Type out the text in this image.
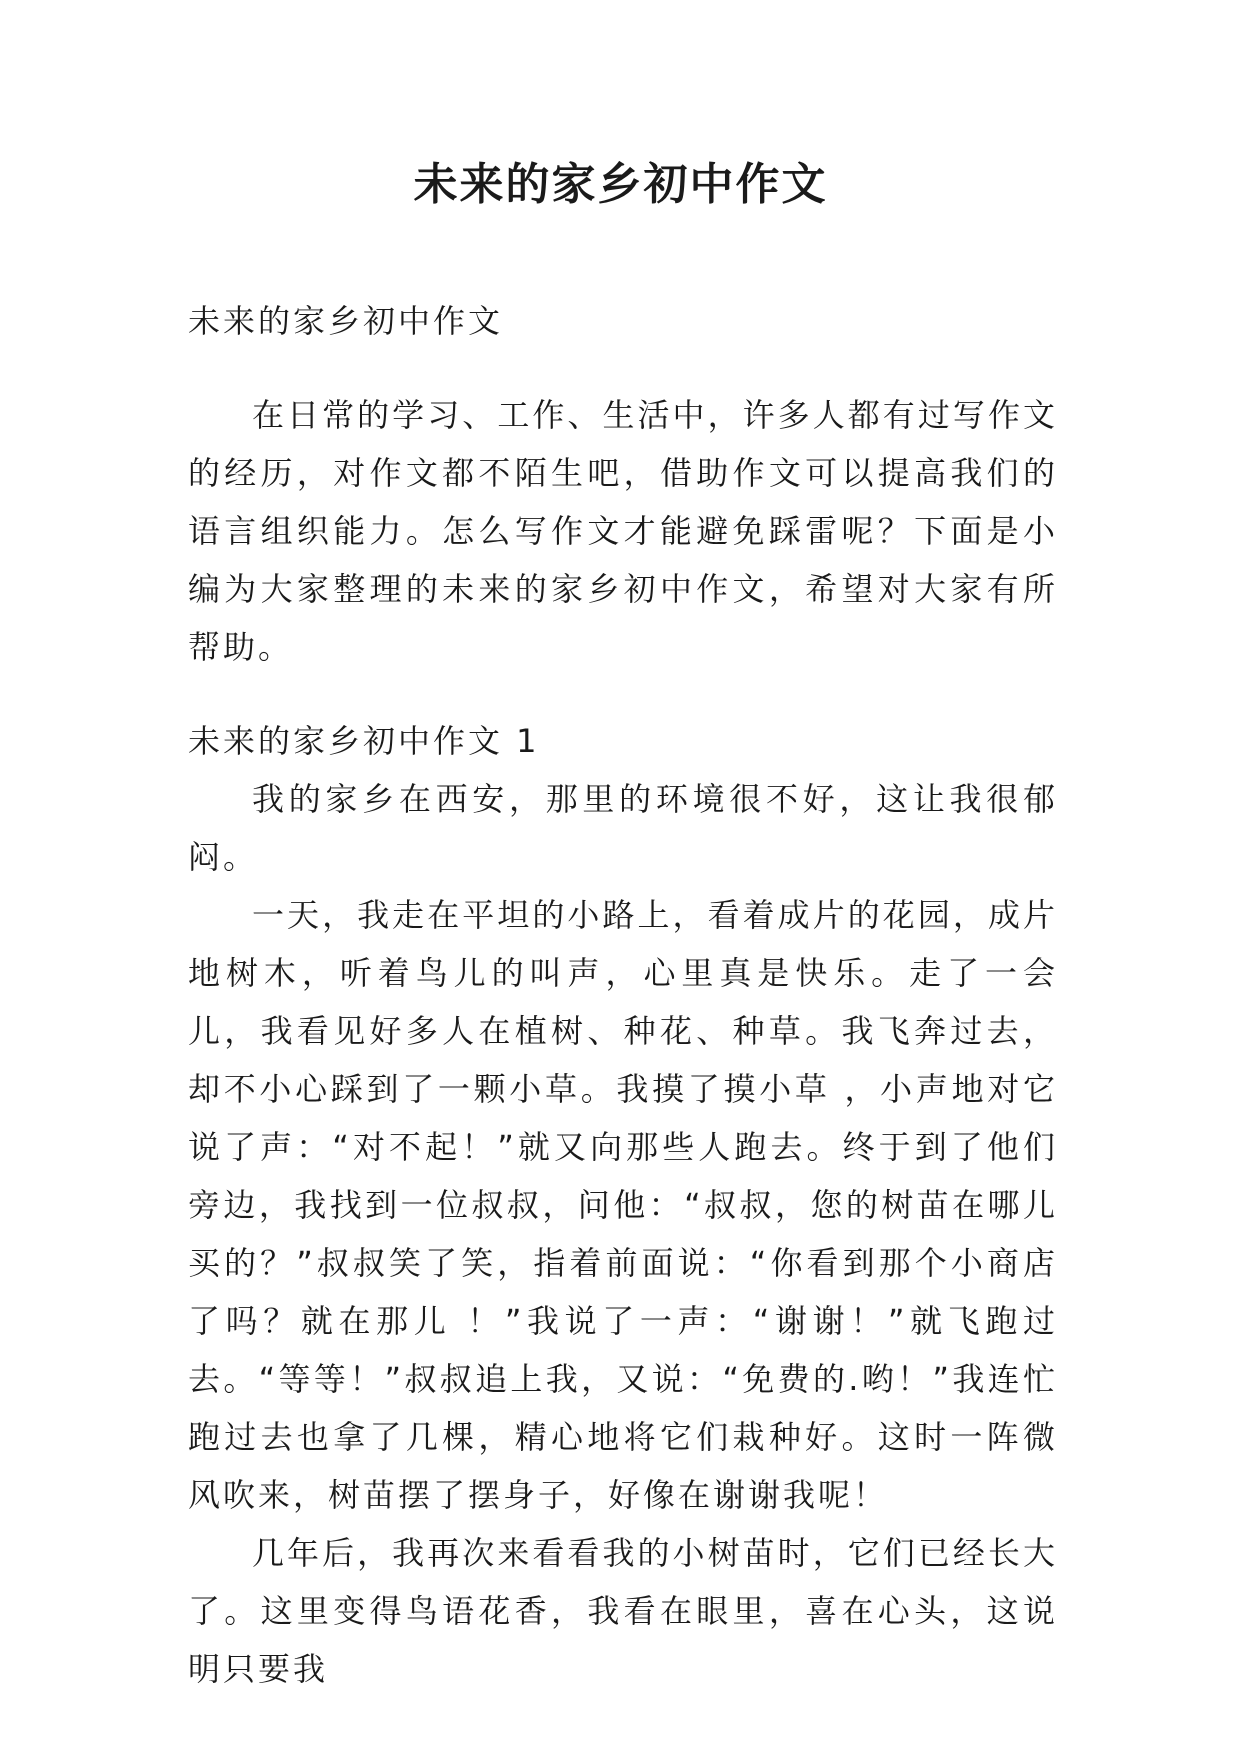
未来的家乡初中作文

未来的家乡初中作文

在日常的学习、工作、生活中，许多人都有过写作文的经历，对作文都不陌生吧，借助作文可以提高我们的语言组织能力。怎么写作文才能避免踩雷呢？下面是小编为大家整理的未来的家乡初中作文，希望对大家有所帮助。

未来的家乡初中作文 1

我的家乡在西安，那里的环境很不好，这让我很郁闷。

一天，我走在平坦的小路上，看着成片的花园，成片地树木，听着鸟儿的叫声，心里真是快乐。走了一会儿，我看见好多人在植树、种花、种草。我飞奔过去，却不小心踩到了一颗小草。我摸了摸小草 ，小声地对它说了声：“对不起！”就又向那些人跑去。终于到了他们旁边，我找到一位叔叔，问他：“叔叔，您的树苗在哪儿买的？”叔叔笑了笑，指着前面说：“你看到那个小商店了吗？就在那儿 ！”我说了一声：“谢谢！”就飞跑过去。“等等！”叔叔追上我，又说：“免费的.哟！”我连忙跑过去也拿了几棵，精心地将它们栽种好。这时一阵微风吹来，树苗摆了摆身子，好像在谢谢我呢！

几年后，我再次来看看我的小树苗时，它们已经长大了。这里变得鸟语花香，我看在眼里，喜在心头，这说明只要我
